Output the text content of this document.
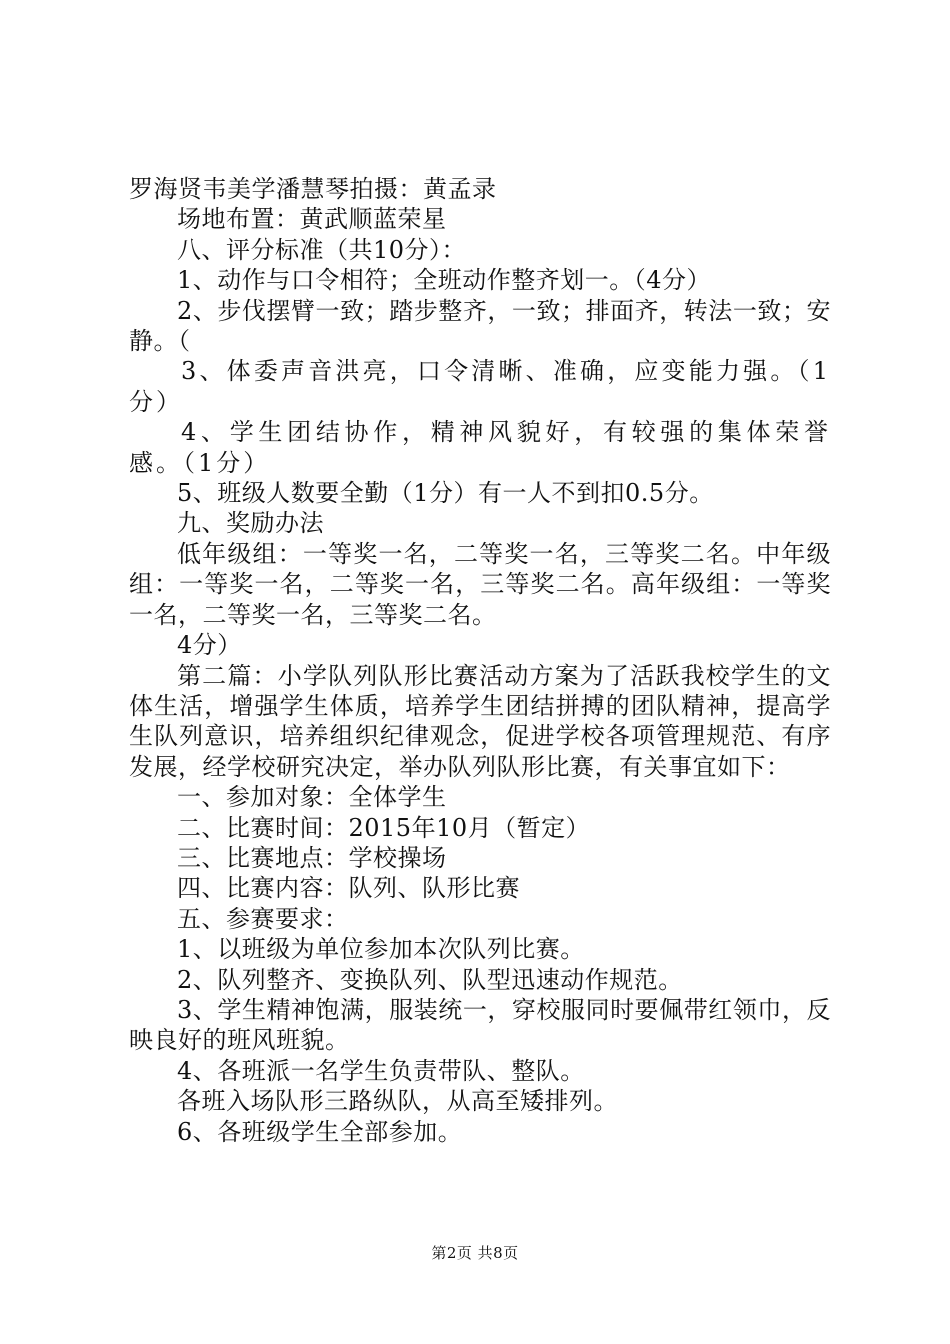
罗海贤韦美学潘慧琴拍摄：黄孟录

场地布置：黄武顺蓝荣星

八、评分标准（共10分）：

1、动作与口令相符；全班动作整齐划一。（4分）

2、步伐摆臂一致；踏步整齐，一致；排面齐，转法一致；安静。（

3、体委声音洪亮，口令清晰、准确，应变能力强。（1分）

4、学生团结协作，精神风貌好，有较强的集体荣誉感。（1分）

5、班级人数要全勤（1分）有一人不到扣0.5分。

九、奖励办法

低年级组：一等奖一名，二等奖一名，三等奖二名。中年级组：一等奖一名，二等奖一名，三等奖二名。高年级组：一等奖一名，二等奖一名，三等奖二名。

4分）

第二篇：小学队列队形比赛活动方案为了活跃我校学生的文体生活，增强学生体质，培养学生团结拼搏的团队精神，提高学生队列意识，培养组织纪律观念，促进学校各项管理规范、有序发展，经学校研究决定，举办队列队形比赛，有关事宜如下：

一、参加对象：全体学生

二、比赛时间：2015年10月（暂定）

三、比赛地点：学校操场

四、比赛内容：队列、队形比赛

五、参赛要求：

1、以班级为单位参加本次队列比赛。

2、队列整齐、变换队列、队型迅速动作规范。

3、学生精神饱满，服装统一，穿校服同时要佩带红领巾，反映良好的班风班貌。

4、各班派一名学生负责带队、整队。

各班入场队形三路纵队，从高至矮排列。

6、各班级学生全部参加。

第2页 共8页
